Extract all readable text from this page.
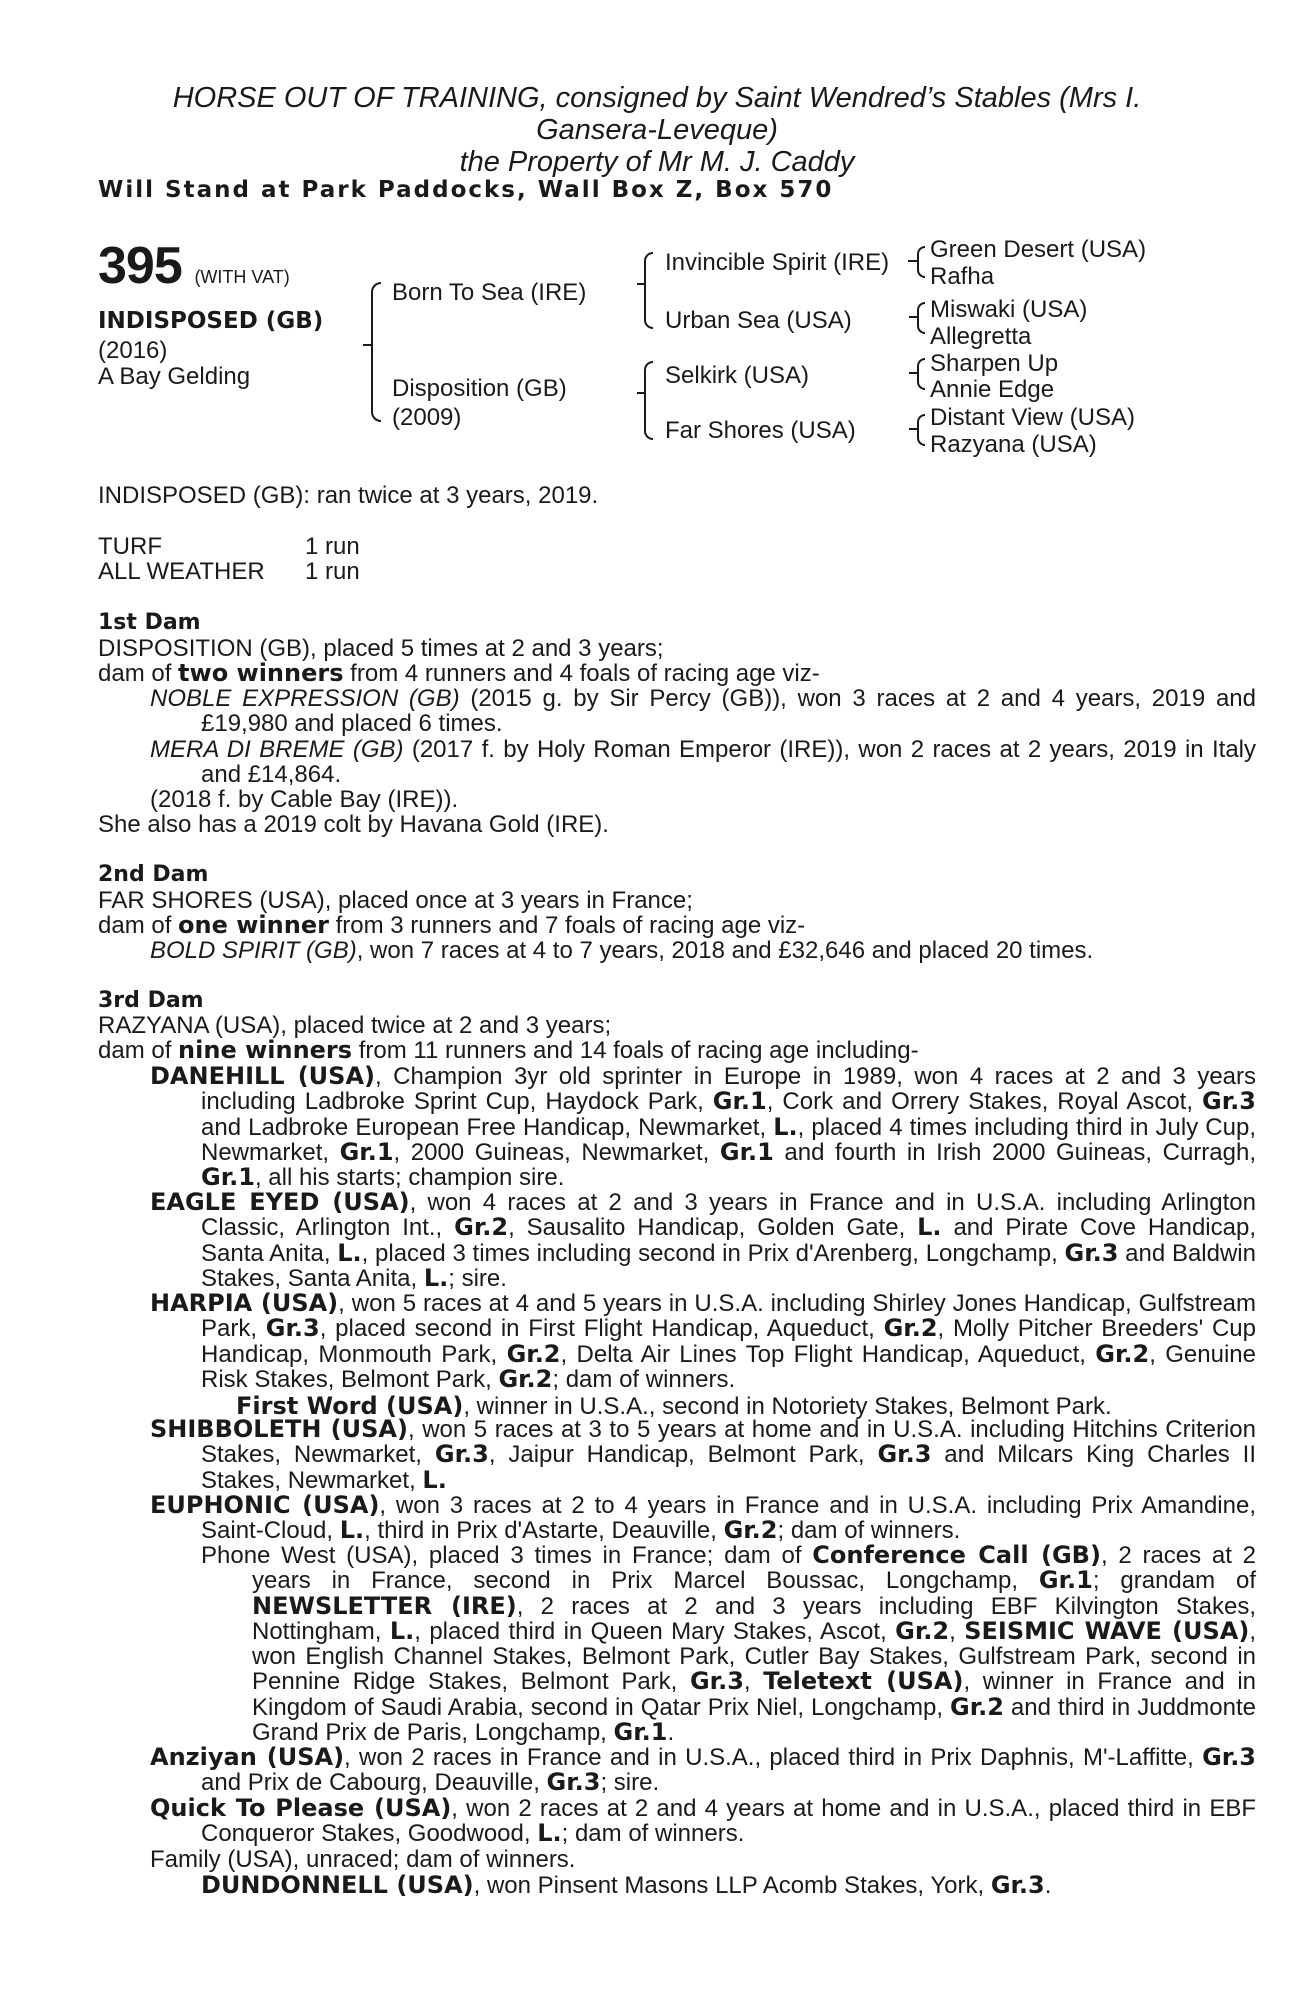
HORSE OUT OF TRAINING, consigned by Saint Wendred’s Stables (Mrs I.
Gansera-Leveque)
the Property of Mr M. J. Caddy
Will Stand at Park Paddocks, Wall Box Z, Box 570
395 (WITH VAT)
INDISPOSED (GB)
(2016)
A Bay Gelding
Born To Sea (IRE)
Disposition (GB)
(2009)
Invincible Spirit (IRE)
Urban Sea (USA)
Selkirk (USA)
Far Shores (USA)
Green Desert (USA)
Rafha
Miswaki (USA)
Allegretta
Sharpen Up
Annie Edge
Distant View (USA)
Razyana (USA)
INDISPOSED (GB): ran twice at 3 years, 2019.
TURF	1 run
ALL WEATHER 1 run
1st Dam
DISPOSITION (GB), placed 5 times at 2 and 3 years;
dam of two winners from 4 runners and 4 foals of racing age viz-
NOBLE EXPRESSION (GB) (2015 g. by Sir Percy (GB)), won 3 races at 2 and 4 years, 2019 and £19,980 and placed 6 times.
MERA DI BREME (GB) (2017 f. by Holy Roman Emperor (IRE)), won 2 races at 2 years, 2019 in Italy and £14,864.
(2018 f. by Cable Bay (IRE)).
She also has a 2019 colt by Havana Gold (IRE).
2nd Dam
FAR SHORES (USA), placed once at 3 years in France;
dam of one winner from 3 runners and 7 foals of racing age viz-
BOLD SPIRIT (GB), won 7 races at 4 to 7 years, 2018 and £32,646 and placed 20 times.
3rd Dam
RAZYANA (USA), placed twice at 2 and 3 years;
dam of nine winners from 11 runners and 14 foals of racing age including-
DANEHILL (USA), Champion 3yr old sprinter in Europe in 1989, won 4 races at 2 and 3 years including Ladbroke Sprint Cup, Haydock Park, Gr.1, Cork and Orrery Stakes, Royal Ascot, Gr.3 and Ladbroke European Free Handicap, Newmarket, L., placed 4 times including third in July Cup, Newmarket, Gr.1, 2000 Guineas, Newmarket, Gr.1 and fourth in Irish 2000 Guineas, Curragh, Gr.1, all his starts; champion sire.
EAGLE EYED (USA), won 4 races at 2 and 3 years in France and in U.S.A. including Arlington Classic, Arlington Int., Gr.2, Sausalito Handicap, Golden Gate, L. and Pirate Cove Handicap, Santa Anita, L., placed 3 times including second in Prix d'Arenberg, Longchamp, Gr.3 and Baldwin Stakes, Santa Anita, L.; sire.
HARPIA (USA), won 5 races at 4 and 5 years in U.S.A. including Shirley Jones Handicap, Gulfstream Park, Gr.3, placed second in First Flight Handicap, Aqueduct, Gr.2, Molly Pitcher Breeders' Cup Handicap, Monmouth Park, Gr.2, Delta Air Lines Top Flight Handicap, Aqueduct, Gr.2, Genuine Risk Stakes, Belmont Park, Gr.2; dam of winners.
First Word (USA), winner in U.S.A., second in Notoriety Stakes, Belmont Park.
SHIBBOLETH (USA), won 5 races at 3 to 5 years at home and in U.S.A. including Hitchins Criterion Stakes, Newmarket, Gr.3, Jaipur Handicap, Belmont Park, Gr.3 and Milcars King Charles II Stakes, Newmarket, L.
EUPHONIC (USA), won 3 races at 2 to 4 years in France and in U.S.A. including Prix Amandine, Saint-Cloud, L., third in Prix d'Astarte, Deauville, Gr.2; dam of winners.
Phone West (USA), placed 3 times in France; dam of Conference Call (GB), 2 races at 2 years in France, second in Prix Marcel Boussac, Longchamp, Gr.1; grandam of NEWSLETTER (IRE), 2 races at 2 and 3 years including EBF Kilvington Stakes, Nottingham, L., placed third in Queen Mary Stakes, Ascot, Gr.2, SEISMIC WAVE (USA), won English Channel Stakes, Belmont Park, Cutler Bay Stakes, Gulfstream Park, second in Pennine Ridge Stakes, Belmont Park, Gr.3, Teletext (USA), winner in France and in Kingdom of Saudi Arabia, second in Qatar Prix Niel, Longchamp, Gr.2 and third in Juddmonte Grand Prix de Paris, Longchamp, Gr.1.
Anziyan (USA), won 2 races in France and in U.S.A., placed third in Prix Daphnis, M'-Laffitte, Gr.3 and Prix de Cabourg, Deauville, Gr.3; sire.
Quick To Please (USA), won 2 races at 2 and 4 years at home and in U.S.A., placed third in EBF Conqueror Stakes, Goodwood, L.; dam of winners.
Family (USA), unraced; dam of winners.
DUNDONNELL (USA), won Pinsent Masons LLP Acomb Stakes, York, Gr.3.
